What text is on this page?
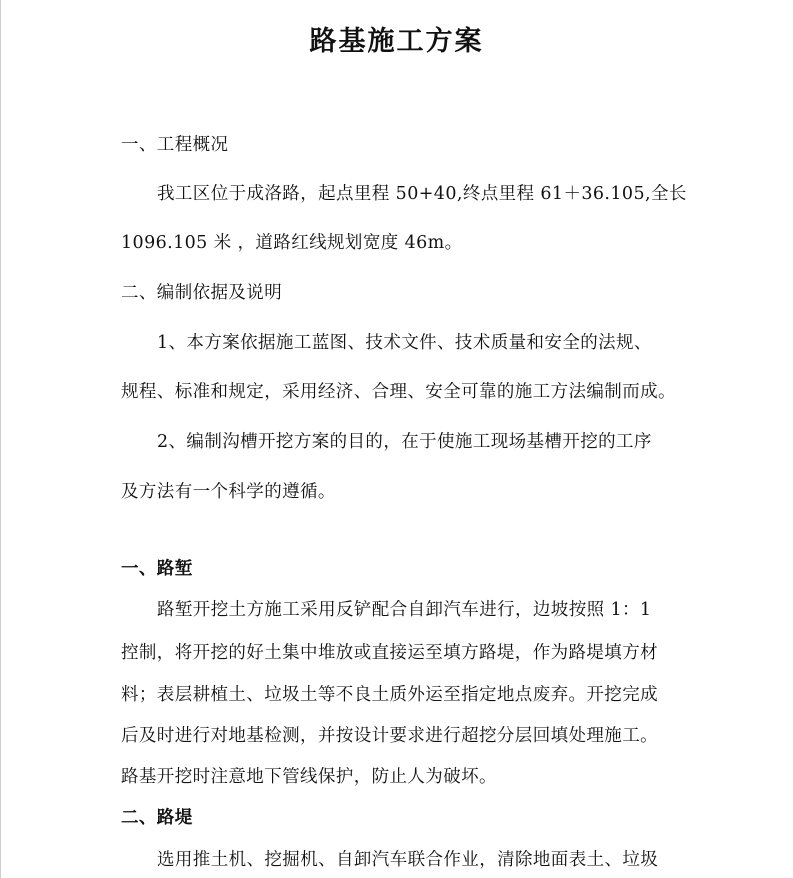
路基施工方案
一、工程概况
我工区位于成洛路，起点里程 50+40,终点里程 61＋36.105,全长
1096.105 米 ，道路红线规划宽度 46m。
二、编制依据及说明
1、本方案依据施工蓝图、技术文件、技术质量和安全的法规、
规程、标准和规定，采用经济、合理、安全可靠的施工方法编制而成。
2、编制沟槽开挖方案的目的，在于使施工现场基槽开挖的工序
及方法有一个科学的遵循。
一、路堑
路堑开挖土方施工采用反铲配合自卸汽车进行，边坡按照 1：1
控制，将开挖的好土集中堆放或直接运至填方路堤，作为路堤填方材
料；表层耕植土、垃圾土等不良土质外运至指定地点废弃。开挖完成
后及时进行对地基检测，并按设计要求进行超挖分层回填处理施工。
路基开挖时注意地下管线保护，防止人为破坏。
二、路堤
选用推土机、挖掘机、自卸汽车联合作业，清除地面表土、垃圾
